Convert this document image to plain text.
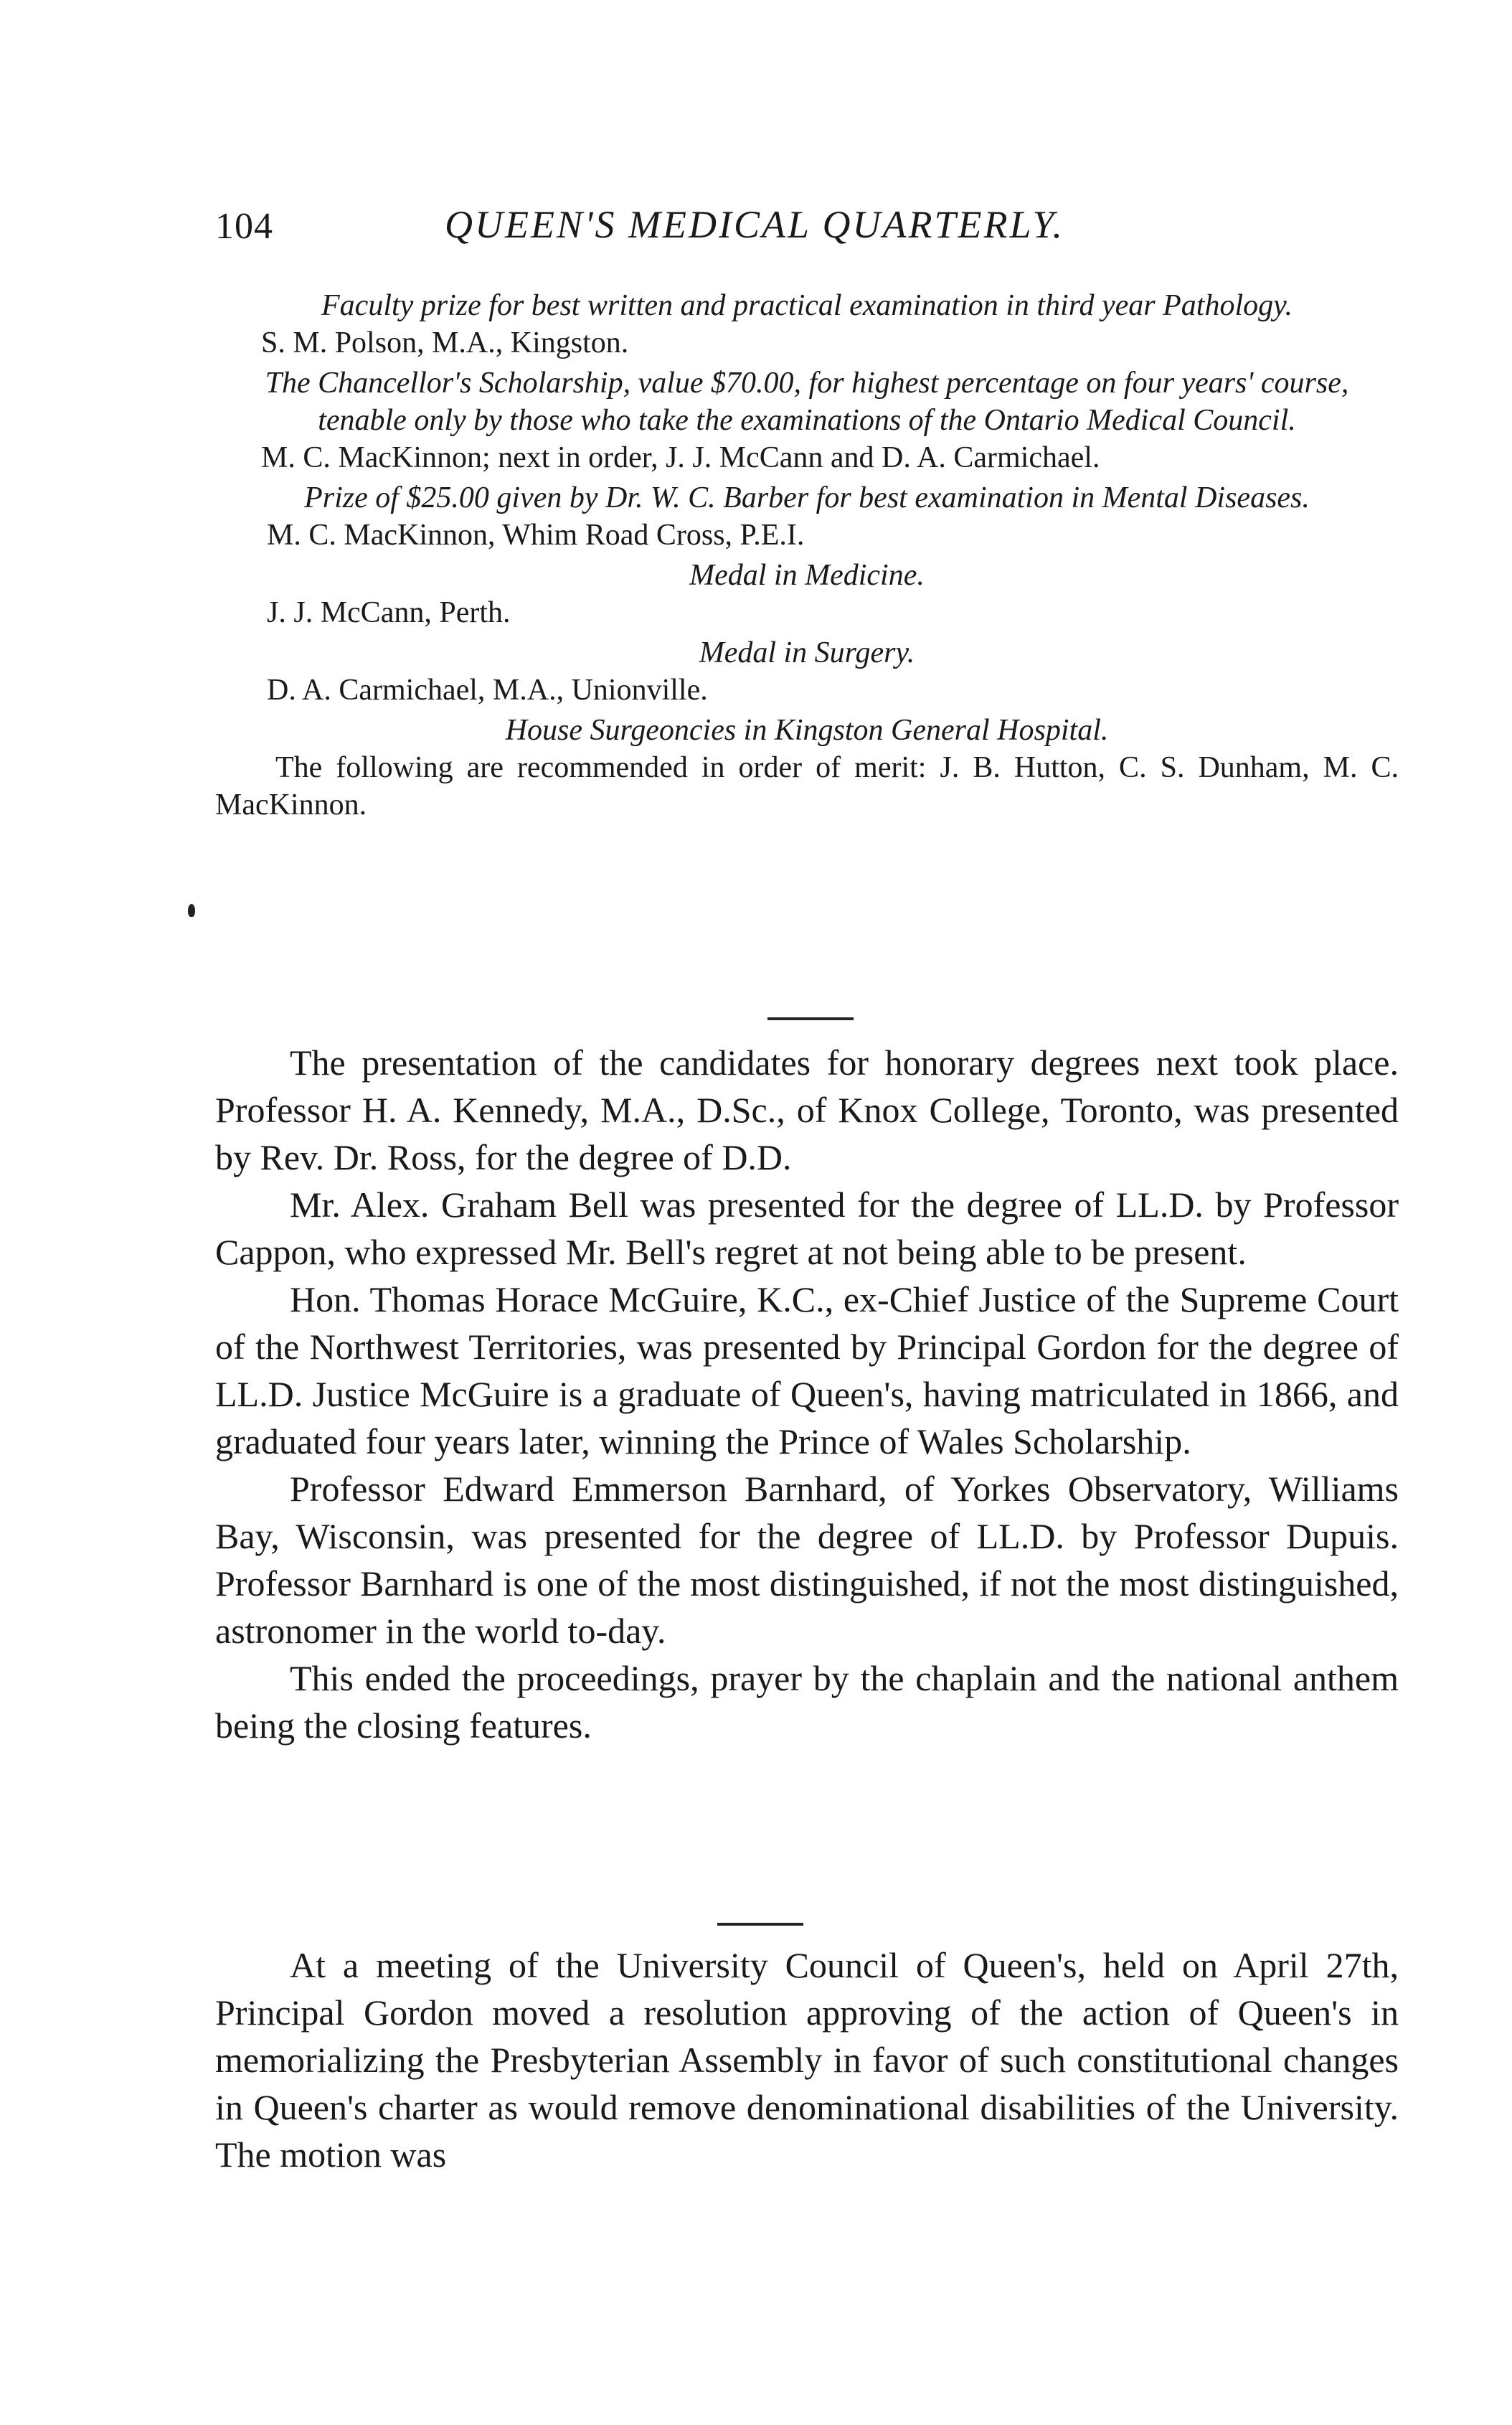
104	QUEEN'S MEDICAL QUARTERLY.

Faculty prize for best written and practical examination in third year Pathology.

S. M. Polson, M.A., Kingston.

The Chancellor's Scholarship, value $70.00, for highest percentage on four years' course, tenable only by those who take the examinations of the Ontario Medical Council.

M. C. MacKinnon; next in order, J. J. McCann and D. A. Carmichael.

Prize of $25.00 given by Dr. W. C. Barber for best examination in Mental Diseases.

M. C. MacKinnon, Whim Road Cross, P.E.I.

Medal in Medicine.

J. J. McCann, Perth.

Medal in Surgery.

D. A. Carmichael, M.A., Unionville.

House Surgeoncies in Kingston General Hospital.

The following are recommended in order of merit: J. B. Hutton, C. S. Dunham, M. C. MacKinnon.

The presentation of the candidates for honorary degrees next took place. Professor H. A. Kennedy, M.A., D.Sc., of Knox College, Toronto, was presented by Rev. Dr. Ross, for the degree of D.D.

Mr. Alex. Graham Bell was presented for the degree of LL.D. by Professor Cappon, who expressed Mr. Bell's regret at not being able to be present.

Hon. Thomas Horace McGuire, K.C., ex-Chief Justice of the Supreme Court of the Northwest Territories, was presented by Principal Gordon for the degree of LL.D. Justice McGuire is a graduate of Queen's, having matriculated in 1866, and graduated four years later, winning the Prince of Wales Scholarship.

Professor Edward Emmerson Barnhard, of Yorkes Observatory, Williams Bay, Wisconsin, was presented for the degree of LL.D. by Professor Dupuis. Professor Barnhard is one of the most distinguished, if not the most distinguished, astronomer in the world to-day.

This ended the proceedings, prayer by the chaplain and the national anthem being the closing features.

At a meeting of the University Council of Queen's, held on April 27th, Principal Gordon moved a resolution approving of the action of Queen's in memorializing the Presbyterian Assembly in favor of such constitutional changes in Queen's charter as would remove denominational disabilities of the University. The motion was
